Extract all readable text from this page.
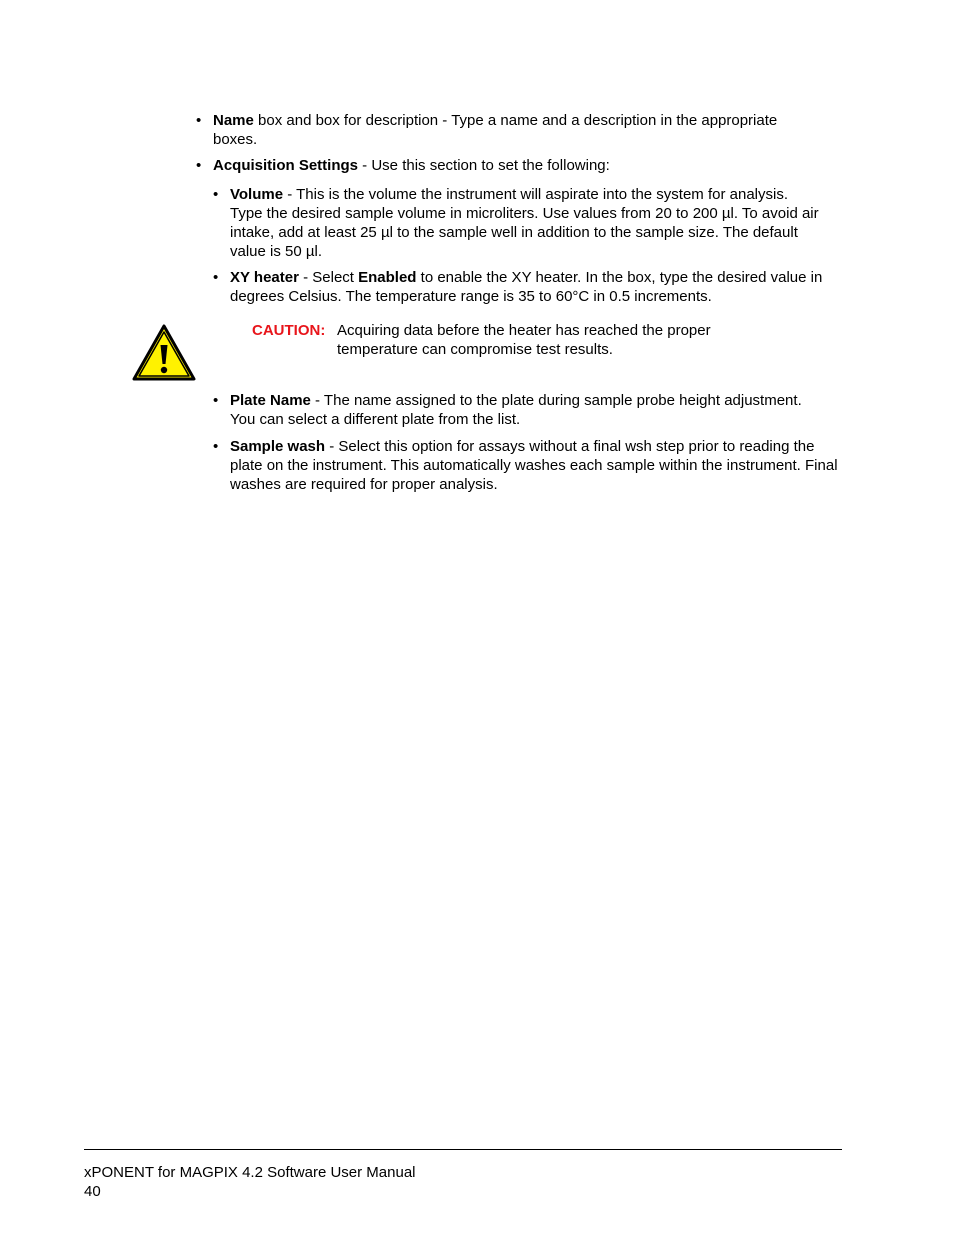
• Name box and box for description - Type a name and a description in the appropriate boxes.
• Acquisition Settings - Use this section to set the following:
• Volume - This is the volume the instrument will aspirate into the system for analysis. Type the desired sample volume in microliters. Use values from 20 to 200 µl. To avoid air intake, add at least 25 µl to the sample well in addition to the sample size. The default value is 50 µl.
• XY heater - Select Enabled to enable the XY heater. In the box, type the desired value in degrees Celsius. The temperature range is 35 to 60°C in 0.5 increments.
CAUTION: Acquiring data before the heater has reached the proper temperature can compromise test results.
• Plate Name - The name assigned to the plate during sample probe height adjustment. You can select a different plate from the list.
• Sample wash - Select this option for assays without a final wsh step prior to reading the plate on the instrument. This automatically washes each sample within the instrument. Final washes are required for proper analysis.
xPONENT for MAGPIX 4.2 Software User Manual
40
